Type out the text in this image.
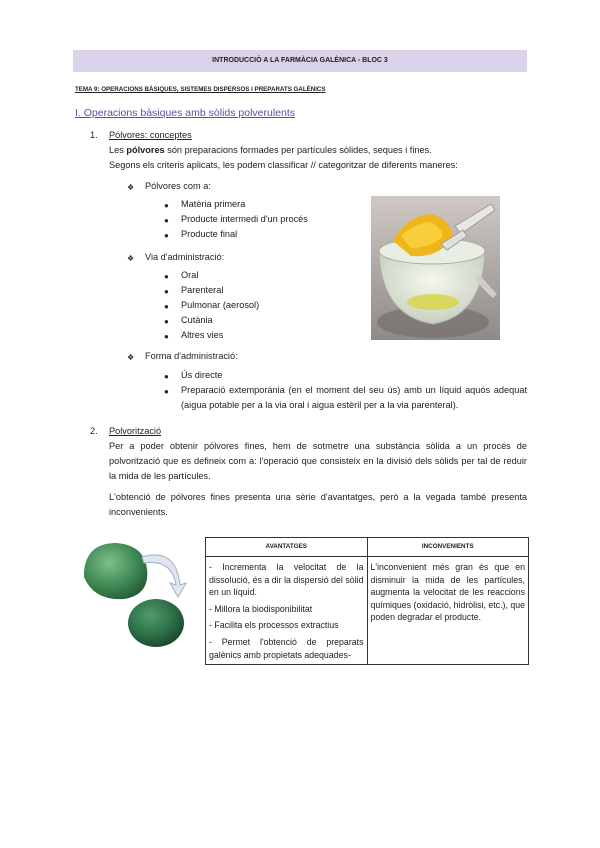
INTRODUCCIÓ A LA FARMÀCIA GALÈNICA - BLOC 3
TEMA 9: OPERACIONS BÀSIQUES, SISTEMES DISPERSOS I PREPARATS GALÈNICS
I. Operacions bàsiques amb sòlids polverulents
1. Pólvores: conceptes
Les pólvores són preparacions formades per partícules sòlides, seques i fines.
Segons els criteris aplicats, les podem classificar // categoritzar de diferents maneres:
❖ Pólvores com a:
● Matèria primera
● Producte intermedi d'un procés
● Producte final
❖ Via d'administració:
● Oral
● Parenteral
● Pulmonar (aerosol)
● Cutània
● Altres vies
❖ Forma d'administració:
● Ús directe
● Preparació extemporània (en el moment del seu ús) amb un líquid aquós adequat (aigua potable per a la via oral i aigua estèril per a la via parenteral).
2. Polvorització
Per a poder obtenir pólvores fines, hem de sotmetre una substància sòlida a un procés de polvorització que es defineix com a: l'operació que consisteix en la divisió dels sòlids per tal de reduir la mida de les partícules.
L'obtenció de pólvores fines presenta una sèrie d'avantatges, però a la vegada també presenta inconvenients.
AVANTATGES	INCONVENIENTS

- Incrementa la velocitat de la dissolució, és a dir la dispersió del sòlid en un líquid.

- Millora la biodisponibilitat

- Facilita els processos extractius

- Permet l'obtenció de preparats galènics amb propietats adequades-	L'inconvenient més gran és que en disminuir la mida de les partícules, augmenta la velocitat de les reaccions químiques (oxidació, hidròlisi, etc.), que poden degradar el producte.
